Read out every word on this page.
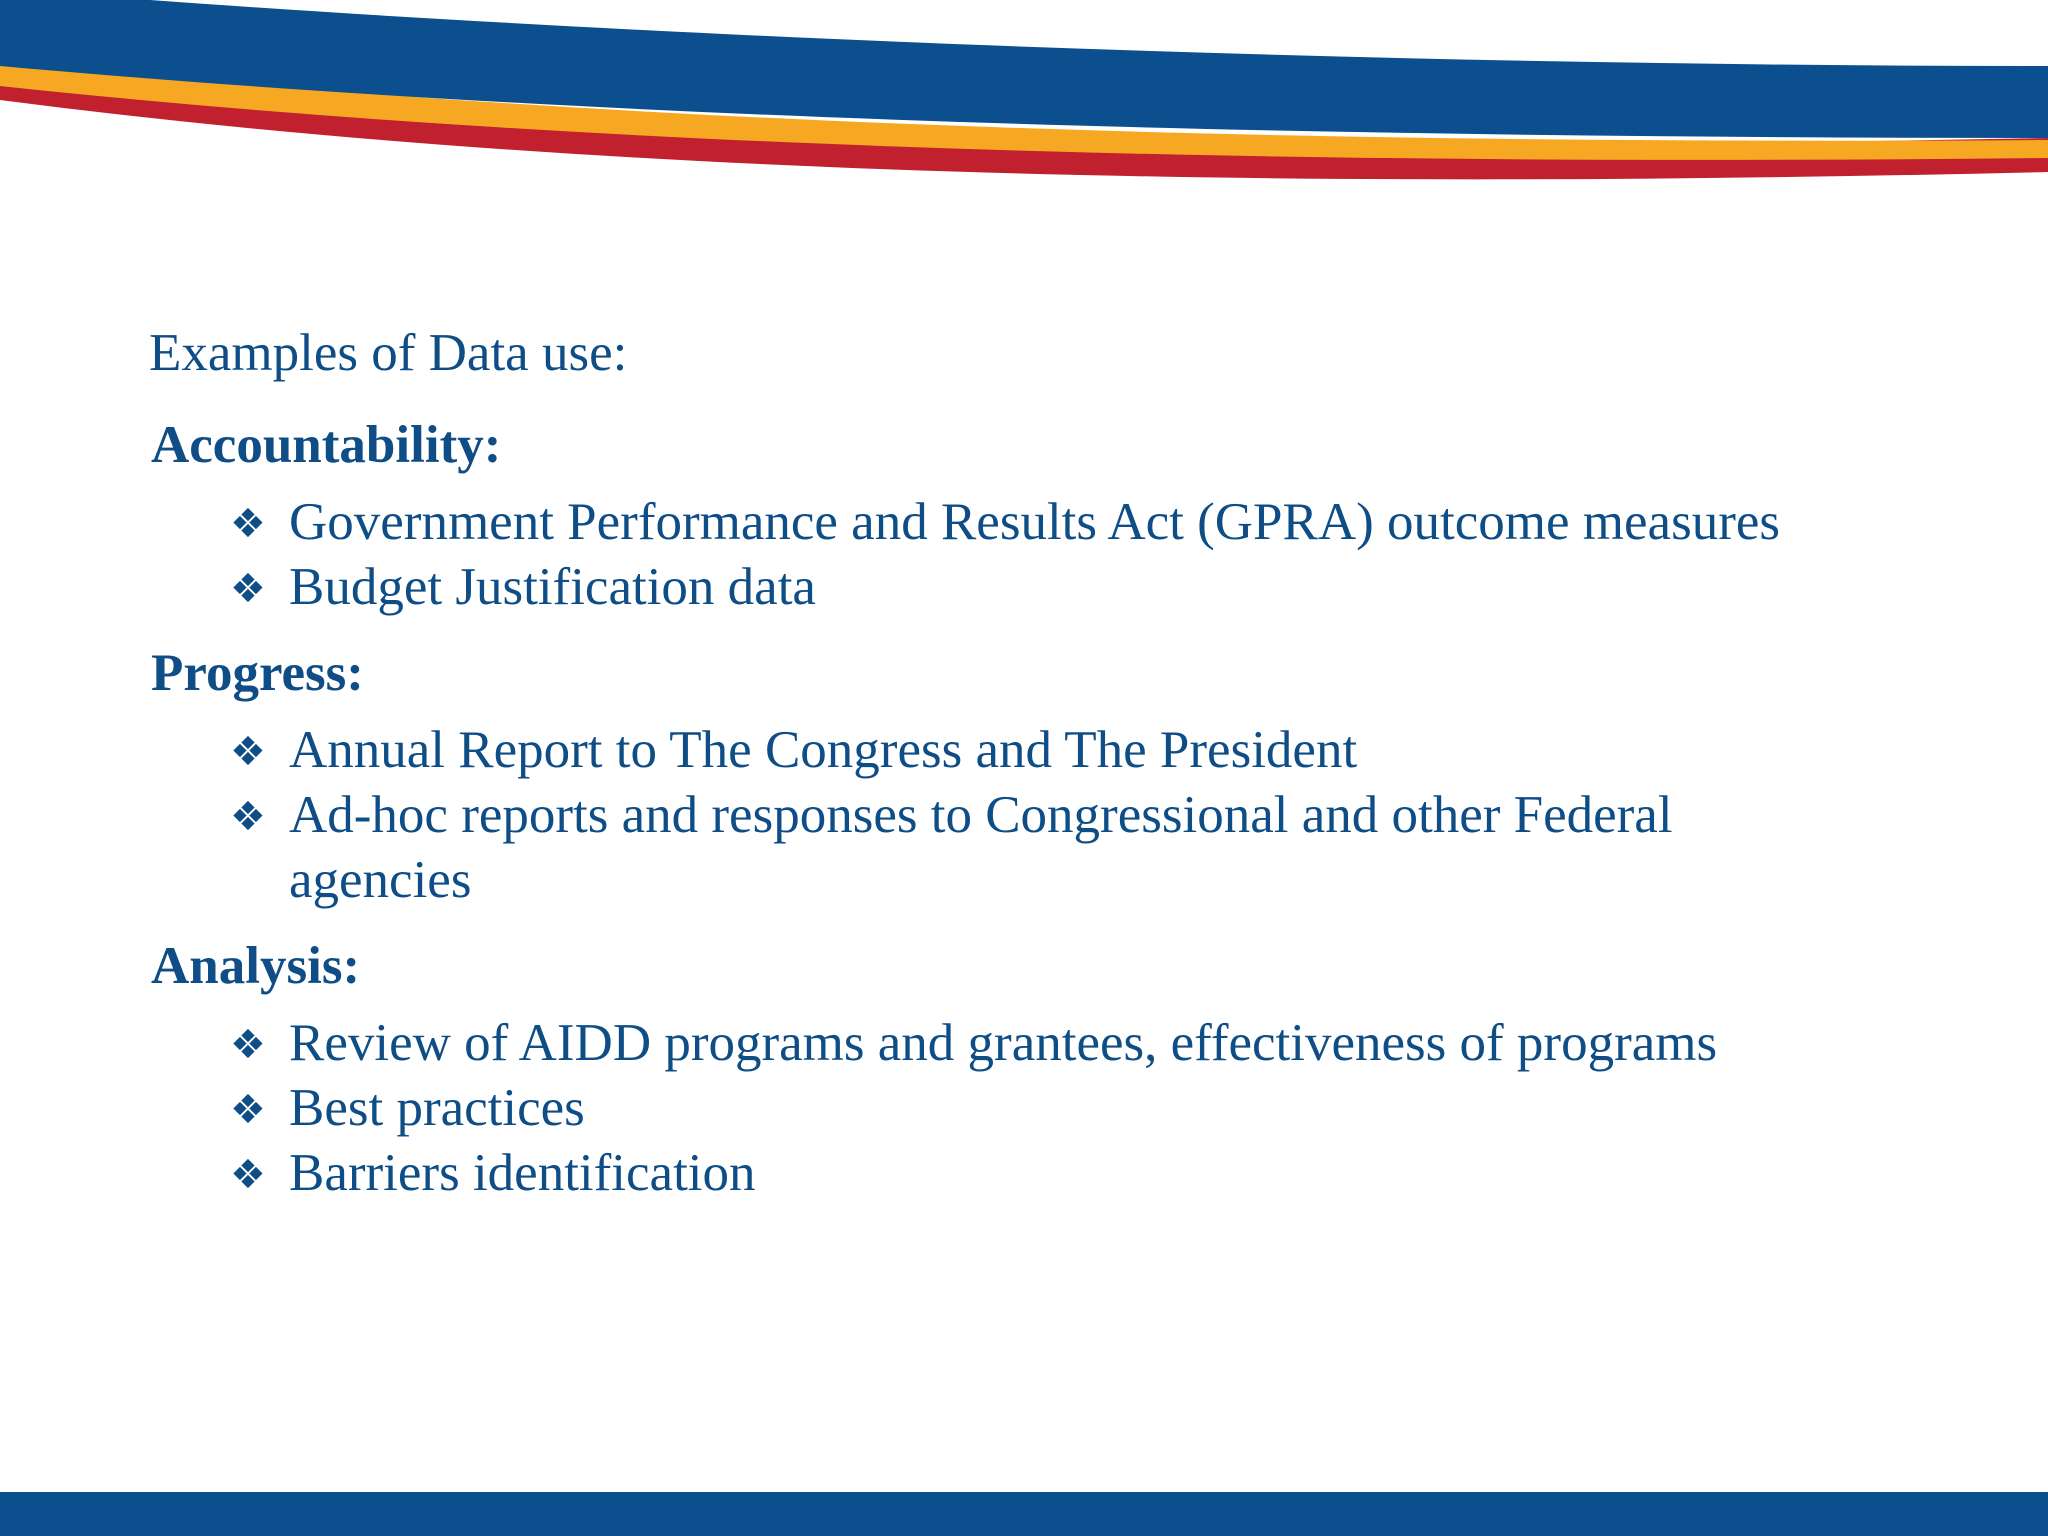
Examples of Data use:
Accountability:
❖ Government Performance and Results Act (GPRA) outcome measures
❖ Budget Justification data
Progress:
❖ Annual Report to The Congress and The President
❖ Ad-hoc reports and responses to Congressional and other Federal agencies
Analysis:
❖ Review of AIDD programs and grantees, effectiveness of programs
❖ Best practices
❖ Barriers identification
